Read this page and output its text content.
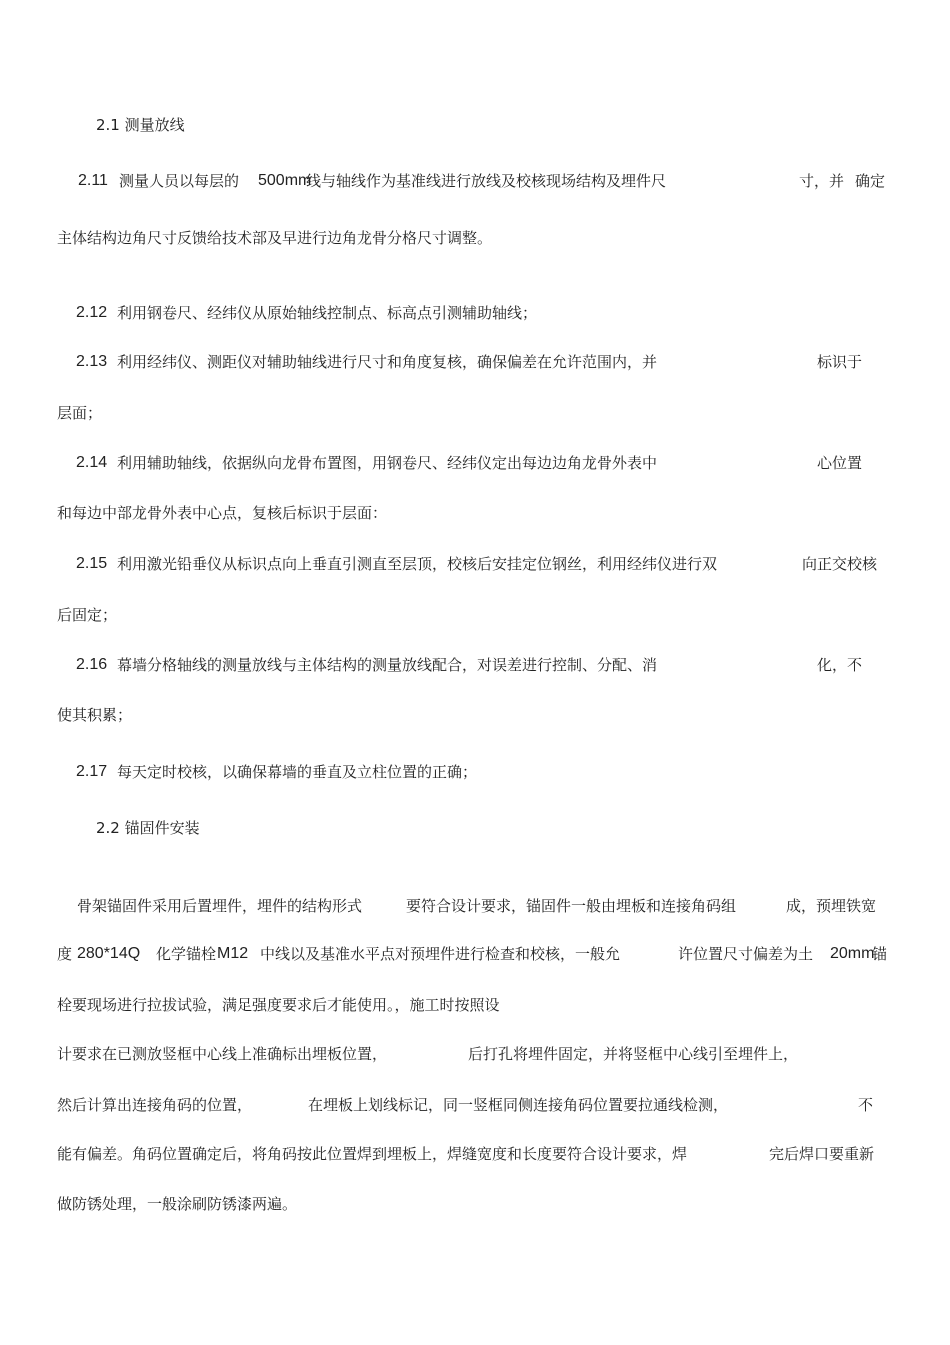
2.1 测量放线
2.11 测量人员以每层的 500mm
线与轴线作为基准线进行放线及校核现场结构及埋件尺	寸，并 确定
主体结构边角尺寸反馈给技术部及早进行边角龙骨分格尺寸调整。
2.12 利用钢卷尺、经纬仪从原始轴线控制点、标高点引测辅助轴线；
2.13 利用经纬仪、测距仪对辅助轴线进行尺寸和角度复核，确保偏差在允许范围内，并	标识于
层面；
2.14 利用辅助轴线，依据纵向龙骨布置图，用钢卷尺、经纬仪定出每边边角龙骨外表中	心位置
和每边中部龙骨外表中心点，复核后标识于层面：
2.15 利用激光铅垂仪从标识点向上垂直引测直至层顶，校核后安挂定位钢丝，利用经纬仪进行双	向正交校核
后固定；
2.16 幕墙分格轴线的测量放线与主体结构的测量放线配合，对误差进行控制、分配、消	化，不
使其积累；
2.17 每天定时校核，以确保幕墙的垂直及立柱位置的正确；
2.2 锚固件安装
骨架锚固件采用后置埋件，埋件的结构形式	要符合设计要求，锚固件一般由埋板和连接角码组	成，预埋铁宽
度 280*14Q 化学锚栓 M12 中线以及基准水平点对预埋件进行检查和校核，一般允	许位置尺寸偏差为土 20mm
锚
栓要现场进行拉拔试验，满足强度要求后才能使用。，施工时按照设
计要求在已测放竖框中心线上准确标出埋板位置，	后打孔将埋件固定，并将竖框中心线引至埋件上，
然后计算出连接角码的位置，	在埋板上划线标记，同一竖框同侧连接角码位置要拉通线检测，	不
能有偏差。角码位置确定后，将角码按此位置焊到埋板上，焊缝宽度和长度要符合设计要求，焊	完后焊口要重新
做防锈处理，一般涂刷防锈漆两遍。
